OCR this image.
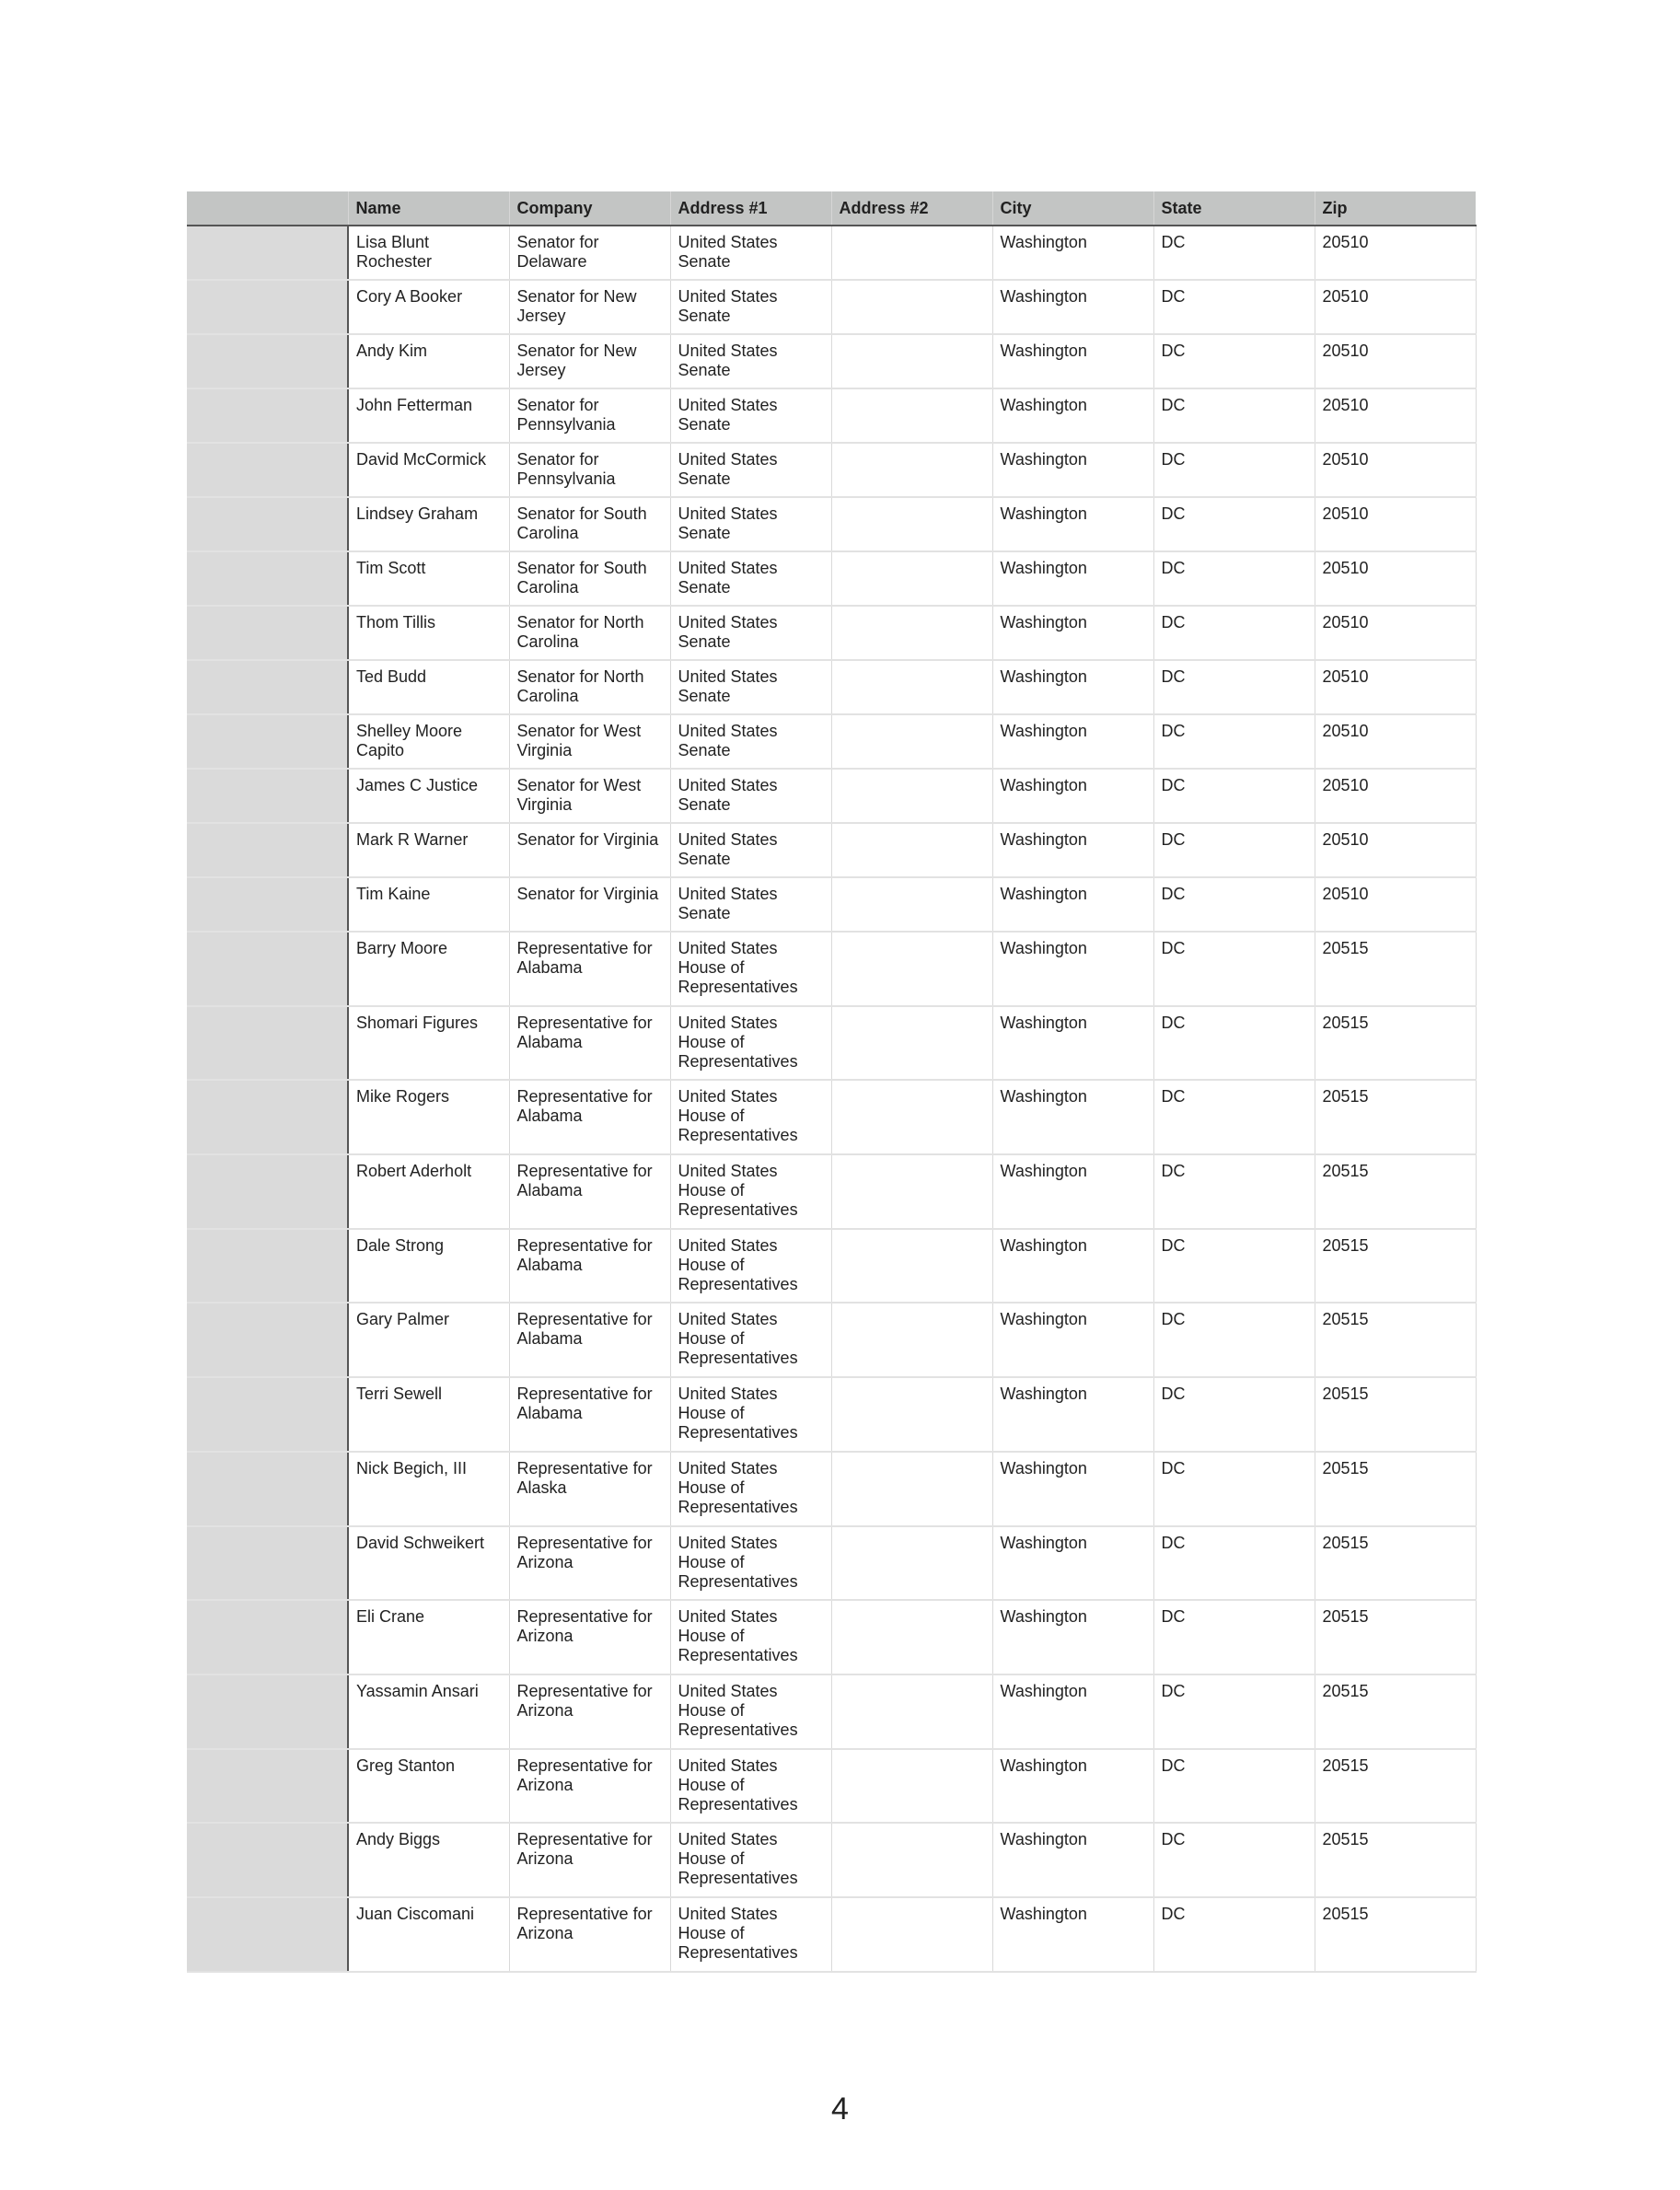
	Name	Company	Address #1	Address #2	City	State	Zip
	Lisa Blunt Rochester	Senator for Delaware	United States Senate		Washington	DC	20510
	Cory A Booker	Senator for New Jersey	United States Senate		Washington	DC	20510
	Andy Kim	Senator for New Jersey	United States Senate		Washington	DC	20510
	John Fetterman	Senator for Pennsylvania	United States Senate		Washington	DC	20510
	David McCormick	Senator for Pennsylvania	United States Senate		Washington	DC	20510
	Lindsey Graham	Senator for South Carolina	United States Senate		Washington	DC	20510
	Tim Scott	Senator for South Carolina	United States Senate		Washington	DC	20510
	Thom Tillis	Senator for North Carolina	United States Senate		Washington	DC	20510
	Ted Budd	Senator for North Carolina	United States Senate		Washington	DC	20510
	Shelley Moore Capito	Senator for West Virginia	United States Senate		Washington	DC	20510
	James C Justice	Senator for West Virginia	United States Senate		Washington	DC	20510
	Mark R Warner	Senator for Virginia	United States Senate		Washington	DC	20510
	Tim Kaine	Senator for Virginia	United States Senate		Washington	DC	20510
	Barry Moore	Representative for Alabama	United States House of Representatives		Washington	DC	20515
	Shomari Figures	Representative for Alabama	United States House of Representatives		Washington	DC	20515
	Mike Rogers	Representative for Alabama	United States House of Representatives		Washington	DC	20515
	Robert Aderholt	Representative for Alabama	United States House of Representatives		Washington	DC	20515
	Dale Strong	Representative for Alabama	United States House of Representatives		Washington	DC	20515
	Gary Palmer	Representative for Alabama	United States House of Representatives		Washington	DC	20515
	Terri Sewell	Representative for Alabama	United States House of Representatives		Washington	DC	20515
	Nick Begich, III	Representative for Alaska	United States House of Representatives		Washington	DC	20515
	David Schweikert	Representative for Arizona	United States House of Representatives		Washington	DC	20515
	Eli Crane	Representative for Arizona	United States House of Representatives		Washington	DC	20515
	Yassamin Ansari	Representative for Arizona	United States House of Representatives		Washington	DC	20515
	Greg Stanton	Representative for Arizona	United States House of Representatives		Washington	DC	20515
	Andy Biggs	Representative for Arizona	United States House of Representatives		Washington	DC	20515
	Juan Ciscomani	Representative for Arizona	United States House of Representatives		Washington	DC	20515
4
